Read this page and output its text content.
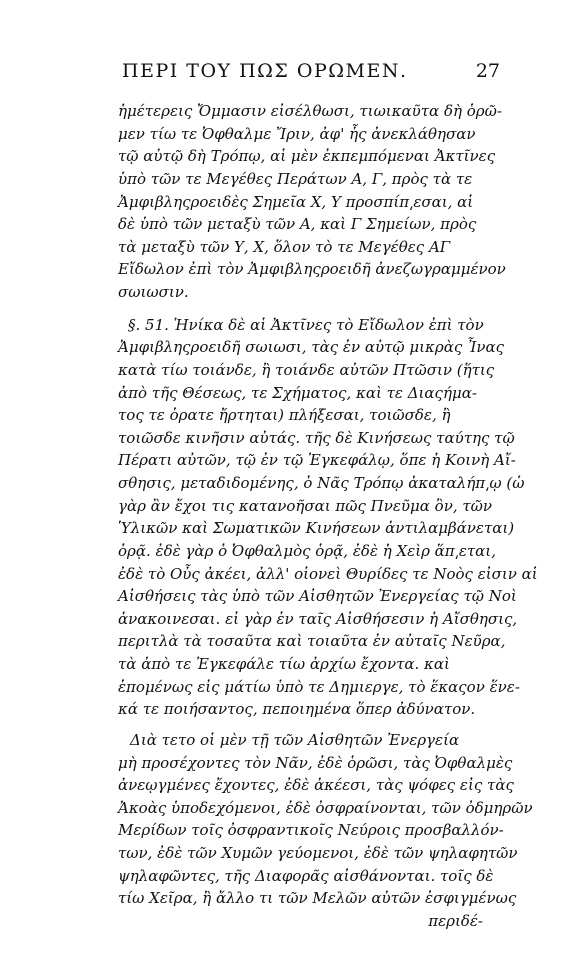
ΠΕΡΙ ΤΟΥ ΠΩΣ ΟΡΩΜΕΝ.	27
ἡμέτερεις Ὄμμασιν εἰσέλθωσι, τιωικαῦτα δὴ ὁρῶ-
μεν τίω τε Ὀφθαλμε Ἴριν, ἀφ' ἧς ἀνεκλάθησαν
τῷ αὐτῷ δὴ Τρόπῳ, αἱ μὲν ἐκπεμπόμεναι Ἀκτῖνες
ὑπὸ τῶν τε Μεγέθες Περάτων Α, Γ, πρὸς τὰ τε
Ἀμφιβληςροειδὲς Σημεῖα Χ, Υ προσπίπ͵εσαι, αἱ
δὲ ὑπὸ τῶν μεταξὺ τῶν Α, καὶ Γ Σημείων, πρὸς
τὰ μεταξὺ τῶν Υ, Χ, ὅλον τὸ τε Μεγέθες ΑΓ
Εἴδωλον ἐπὶ τὸν Ἀμφιβληςροειδῆ ἀνεζωγραμμένον
σωιωσιν.
§. 51. Ἡνίκα δὲ αἱ Ἀκτῖνες τὸ Εἴδωλον ἐπὶ τὸν
Ἀμφιβληςροειδῆ σωιωσι, τὰς ἐν αὐτῷ μικρὰς Ἶνας
κατὰ τίω τοιάνδε, ἢ τοιάνδε αὐτῶν Πτῶσιν (ἥτις
ἀπὸ τῆς Θέσεως, τε Σχήματος, καὶ τε Διαςήμα-
τος τε ὁρατε ἤρτηται) πλήξεσαι, τοιῶσδε, ἢ
τοιῶσδε κινῆσιν αὐτάς. τῆς δὲ Κινήσεως ταύτης τῷ
Πέρατι αὐτῶν, τῷ ἐν τῷ Ἐγκεφάλῳ, ὅπε ἡ Κοινὴ Αἴ-
σθησις, μεταδιδομένης, ὁ Νᾶς Τρόπῳ ἀκαταλήπ͵ῳ (ὡ
γὰρ ἂν ἔχοι τις κατανοῆσαι πῶς Πνεῦμα ὂν, τῶν
Ὑλικῶν καὶ Σωματικῶν Κινήσεων ἀντιλαμβάνεται)
ὁρᾷ. ἐδὲ γὰρ ὁ Ὀφθαλμὸς ὁρᾷ, ἐδὲ ἡ Χεὶρ ἅπ͵εται,
ἐδὲ τὸ Οὖς ἀκέει, ἀλλ' οἱονεὶ Θυρίδες τε Νοὸς εἰσιν αἱ
Αἰσθήσεις τὰς ὑπὸ τῶν Αἰσθητῶν Ἐνεργείας τῷ Νοὶ
ἀνακοινεσαι. εἰ γὰρ ἐν ταῖς Αἰσθήσεσιν ἡ Αἴσθησις,
περιτλὰ τὰ τοσαῦτα καὶ τοιαῦτα ἐν αὐταῖς Νεῦρα,
τὰ ἀπὸ τε Ἐγκεφάλε τίω ἀρχίω ἔχοντα. καὶ
ἑπομένως εἰς μάτίω ὑπὸ τε Δημιεργε, τὸ ἕκαςον ἕνε-
κά τε ποιήσαντος, πεποιημένα ὅπερ ἀδύνατον.
Διὰ τετο οἱ μὲν τῇ τῶν Αἰσθητῶν Ἐνεργεία
μὴ προσέχοντες τὸν Νᾶν, ἐδὲ ὁρῶσι, τὰς Ὀφθαλμὲς
ἀνεῳγμένες ἔχοντες, ἐδὲ ἀκέεσι, τὰς ψόφες εἰς τὰς
Ἀκοὰς ὑποδεχόμενοι, ἐδὲ ὀσφραίνονται, τῶν ὀδμηρῶν
Μερίδων τοῖς ὀσφραντικοῖς Νεύροις προσβαλλόν-
των, ἐδὲ τῶν Χυμῶν γεύομενοι, ἐδὲ τῶν ψηλαφητῶν
ψηλαφῶντες, τῆς Διαφορᾶς αἰσθάνονται. τοῖς δὲ
τίω Χεῖρα, ἢ ἄλλο τι τῶν Μελῶν αὐτῶν ἐσφιγμένως
περιδέ-
